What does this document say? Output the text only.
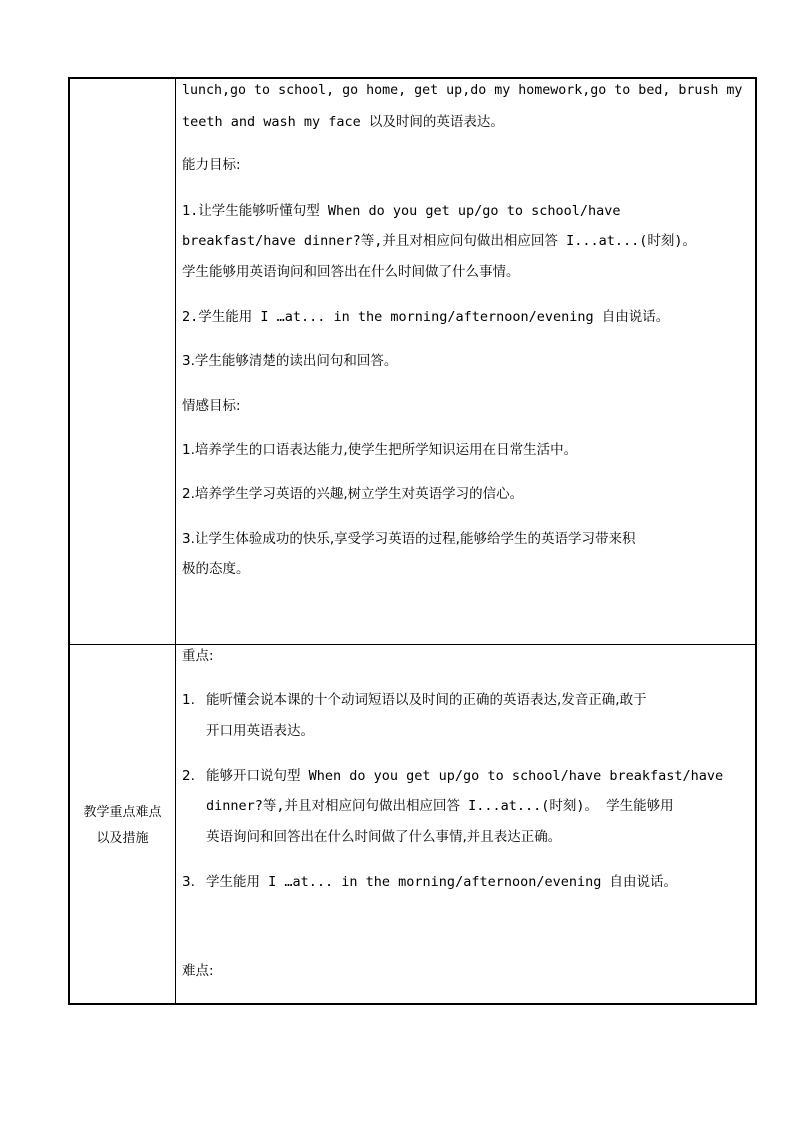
lunch,go to school, go home, get up,do my homework,go to bed, brush my
teeth and wash my face 以及时间的英语表达。
能力目标:
1.让学生能够听懂句型 When do you get up/go to school/have
breakfast/have dinner?等,并且对相应问句做出相应回答 I...at...(时刻)。
学生能够用英语询问和回答出在什么时间做了什么事情。
2.学生能用 I …at... in the morning/afternoon/evening 自由说话。
3.学生能够清楚的读出问句和回答。
情感目标:
1.培养学生的口语表达能力,使学生把所学知识运用在日常生活中。
2.培养学生学习英语的兴趣,树立学生对英语学习的信心。
3.让学生体验成功的快乐,享受学习英语的过程,能够给学生的英语学习带来积
极的态度。
教学重点难点
以及措施
重点:
1. 能听懂会说本课的十个动词短语以及时间的正确的英语表达,发音正确,敢于
开口用英语表达。
2. 能够开口说句型 When do you get up/go to school/have breakfast/have
dinner?等,并且对相应问句做出相应回答 I...at...(时刻)。 学生能够用
英语询问和回答出在什么时间做了什么事情,并且表达正确。
3. 学生能用 I …at... in the morning/afternoon/evening 自由说话。
难点:
